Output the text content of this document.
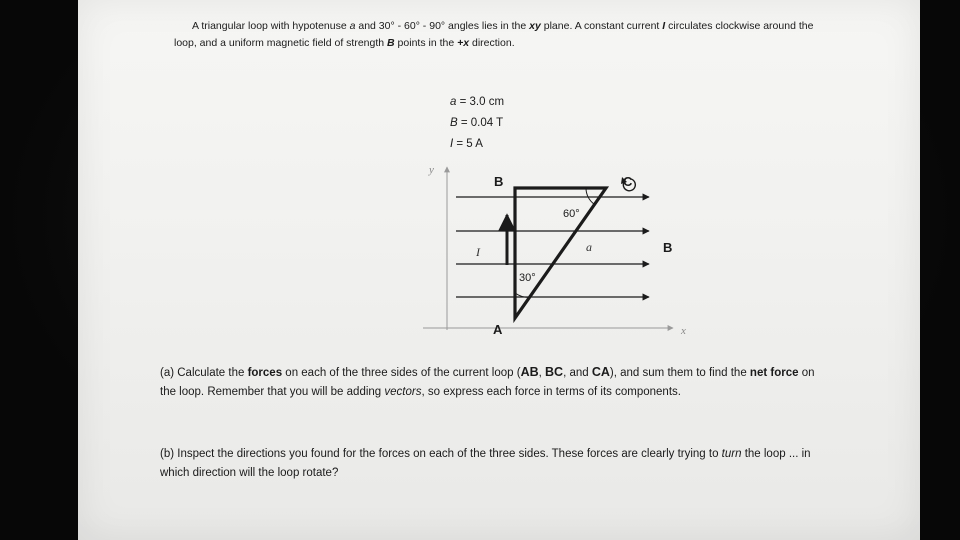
A triangular loop with hypotenuse a and 30° - 60° - 90° angles lies in the xy plane. A constant current I circulates clockwise around the loop, and a uniform magnetic field of strength B points in the +x direction.

a = 3.0 cm
B = 0.04 T
I = 5 A
y
x
B	C
A
60°
30°
a
I	B

(a) Calculate the forces on each of the three sides of the current loop (AB, BC, and CA), and sum them to find the net force on the loop. Remember that you will be adding vectors, so express each force in terms of its components.

(b) Inspect the directions you found for the forces on each of the three sides. These forces are clearly trying to turn the loop ... in which direction will the loop rotate?
